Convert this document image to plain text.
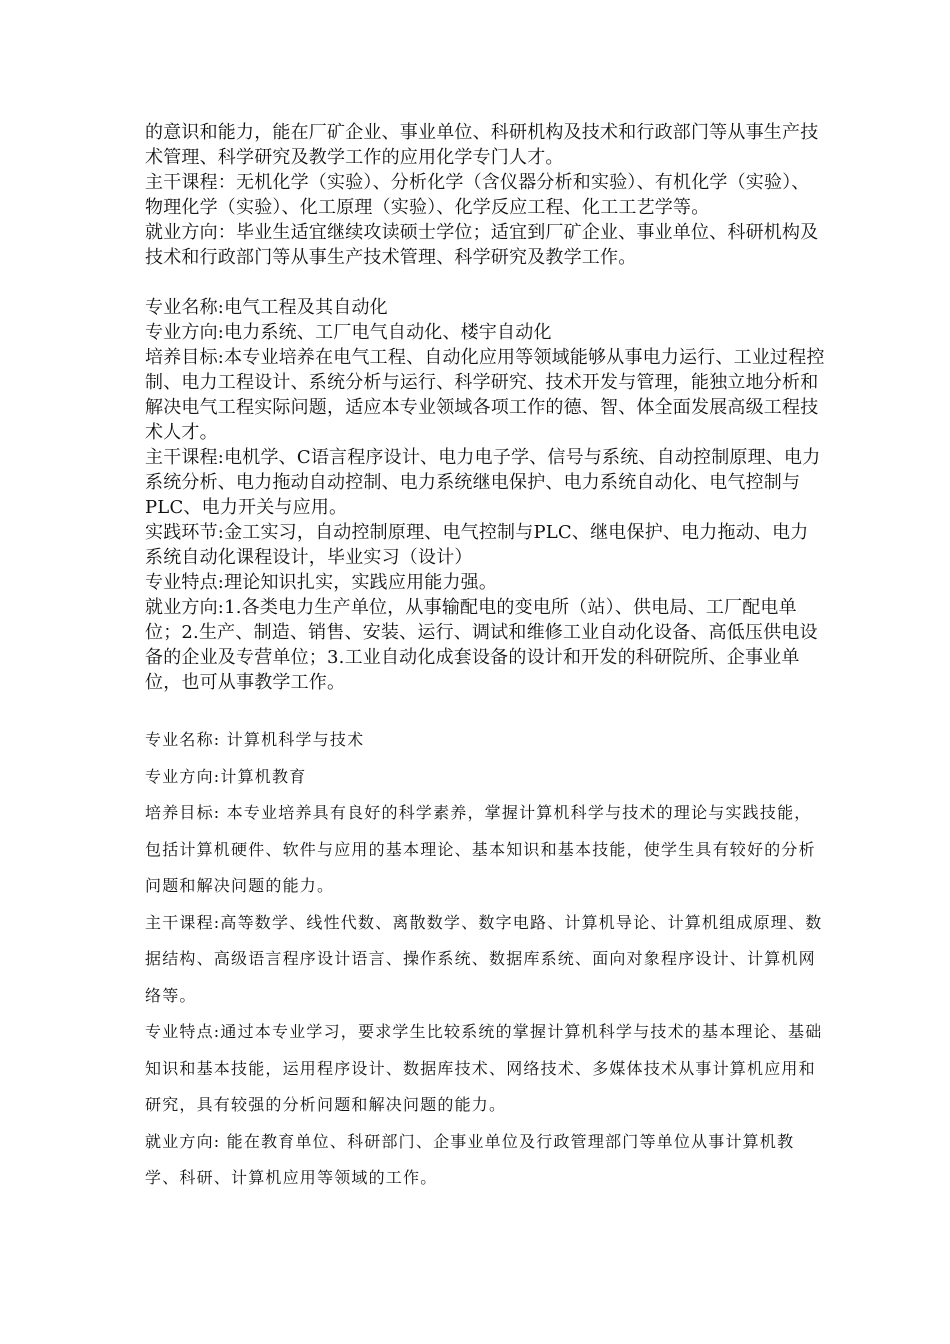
的意识和能力，能在厂矿企业、事业单位、科研机构及技术和行政部门等从事生产技术管理、科学研究及教学工作的应用化学专门人才。

主干课程：无机化学（实验）、分析化学（含仪器分析和实验）、有机化学（实验）、物理化学（实验）、化工原理（实验）、化学反应工程、化工工艺学等。

就业方向：毕业生适宜继续攻读硕士学位；适宜到厂矿企业、事业单位、科研机构及技术和行政部门等从事生产技术管理、科学研究及教学工作。

专业名称:电气工程及其自动化

专业方向:电力系统、工厂电气自动化、楼宇自动化

培养目标:本专业培养在电气工程、自动化应用等领域能够从事电力运行、工业过程控制、电力工程设计、系统分析与运行、科学研究、技术开发与管理，能独立地分析和解决电气工程实际问题，适应本专业领域各项工作的德、智、体全面发展高级工程技术人才。

主干课程:电机学、C语言程序设计、电力电子学、信号与系统、自动控制原理、电力系统分析、电力拖动自动控制、电力系统继电保护、电力系统自动化、电气控制与PLC、电力开关与应用。

实践环节:金工实习，自动控制原理、电气控制与PLC、继电保护、电力拖动、电力系统自动化课程设计，毕业实习（设计）

专业特点:理论知识扎实，实践应用能力强。

就业方向:1.各类电力生产单位，从事输配电的变电所（站）、供电局、工厂配电单位；2.生产、制造、销售、安装、运行、调试和维修工业自动化设备、高低压供电设备的企业及专营单位；3.工业自动化成套设备的设计和开发的科研院所、企事业单位，也可从事教学工作。

专业名称: 计算机科学与技术

专业方向:计算机教育

培养目标: 本专业培养具有良好的科学素养，掌握计算机科学与技术的理论与实践技能，包括计算机硬件、软件与应用的基本理论、基本知识和基本技能，使学生具有较好的分析问题和解决问题的能力。

主干课程:高等数学、线性代数、离散数学、数字电路、计算机导论、计算机组成原理、数据结构、高级语言程序设计语言、操作系统、数据库系统、面向对象程序设计、计算机网络等。

专业特点:通过本专业学习，要求学生比较系统的掌握计算机科学与技术的基本理论、基础知识和基本技能，运用程序设计、数据库技术、网络技术、多媒体技术从事计算机应用和研究，具有较强的分析问题和解决问题的能力。

就业方向: 能在教育单位、科研部门、企事业单位及行政管理部门等单位从事计算机教学、科研、计算机应用等领域的工作。
